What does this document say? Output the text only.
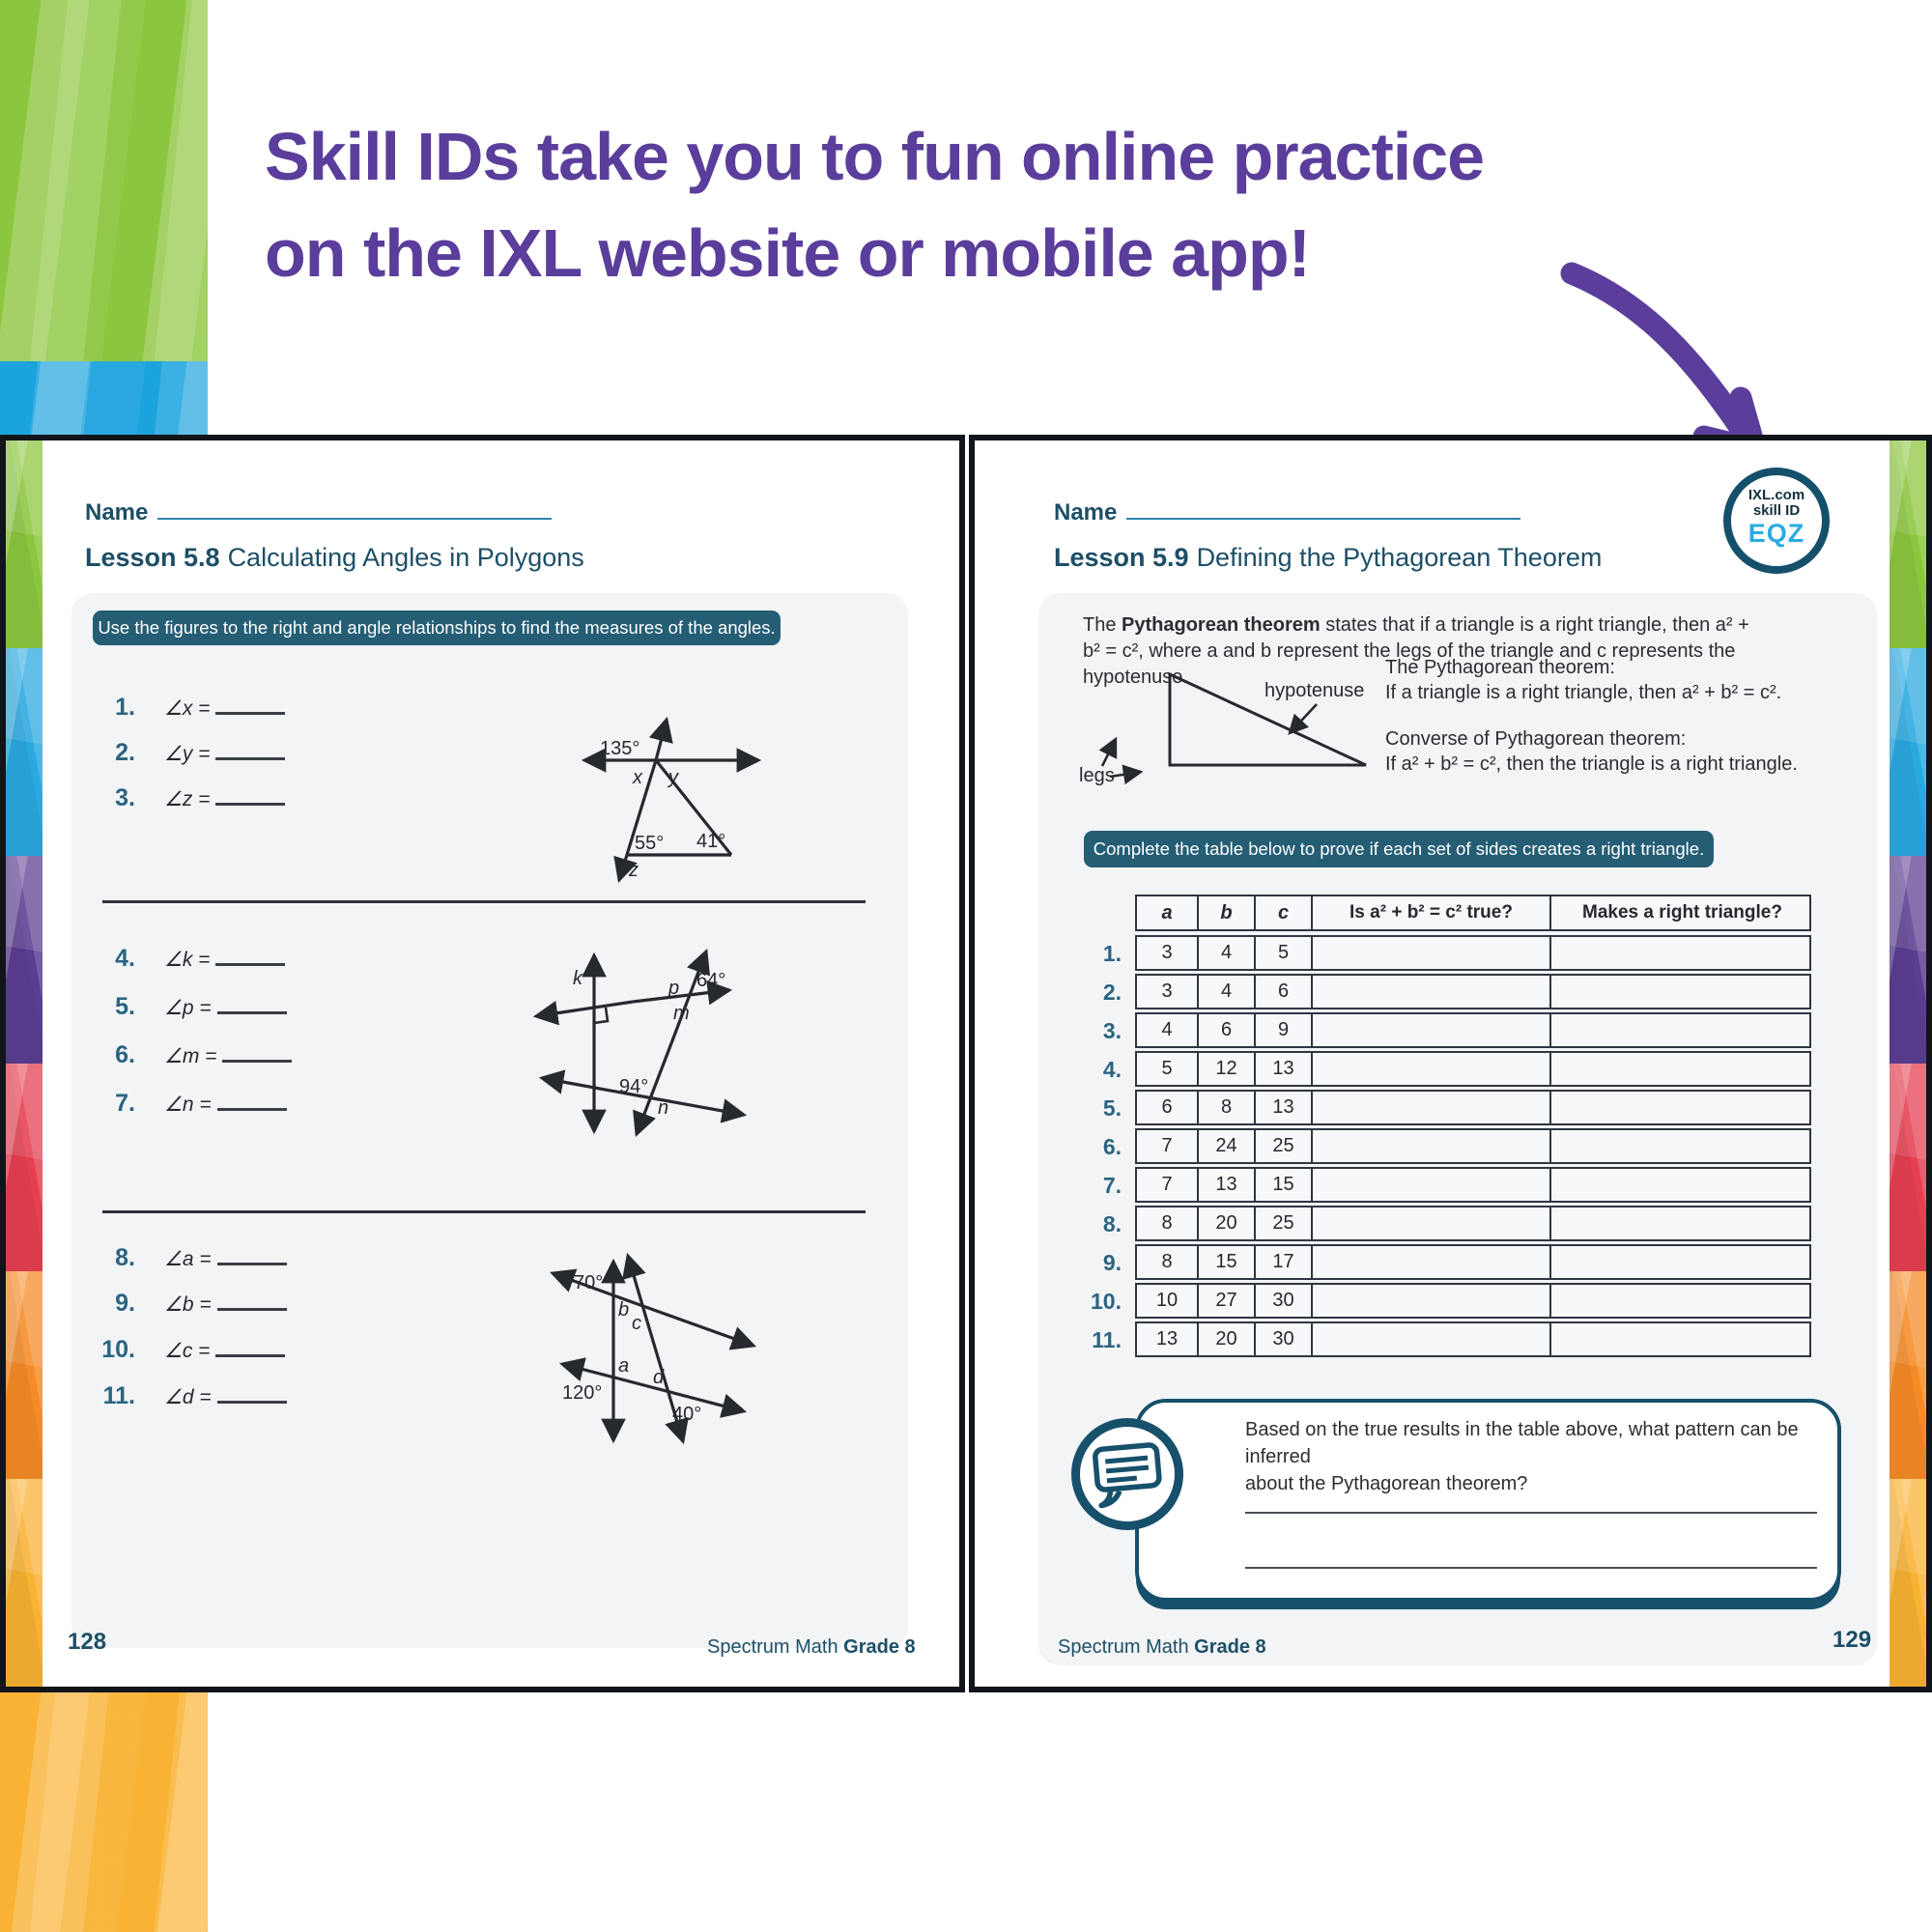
Skill IDs take you to fun online practice
on the IXL website or mobile app!
Name
Lesson 5.8 Calculating Angles in Polygons
Use the figures to the right and angle relationships to find the measures of the angles.
1. ∠x =
2. ∠y =
3. ∠z =
135°
x y
55° 41°
z
4. ∠k =
5. ∠p =
6. ∠m =
7. ∠n =
k	p 64°
m
94°
n
8. ∠a =
9. ∠b =
10. ∠c =
11. ∠d =
70°
b
c
a
120°
d
40°
128	Spectrum Math Grade 8
Name
IXL.com
skill ID
EQZ
Lesson 5.9 Defining the Pythagorean Theorem
The Pythagorean theorem states that if a triangle is a right triangle, then a² + b² = c², where a and b represent the legs of the triangle and c represents the hypotenuse.
hypotenuse
legs
The Pythagorean theorem:
If a triangle is a right triangle, then a² + b² = c².
Converse of Pythagorean theorem:
If a² + b² = c², then the triangle is a right triangle.
Complete the table below to prove if each set of sides creates a right triangle.
a	b	c	Is a² + b² = c² true?	Makes a right triangle?
1.	3	4	5
2.	3	4	6
3.	4	6	9
4.	5	12	13
5.	6	8	13
6.	7	24	25
7.	7	13	15
8.	8	20	25
9.	8	15	17
10.	10	27	30
11.	13	20	30
Based on the true results in the table above, what pattern can be inferred
about the Pythagorean theorem?
Spectrum Math Grade 8	129
